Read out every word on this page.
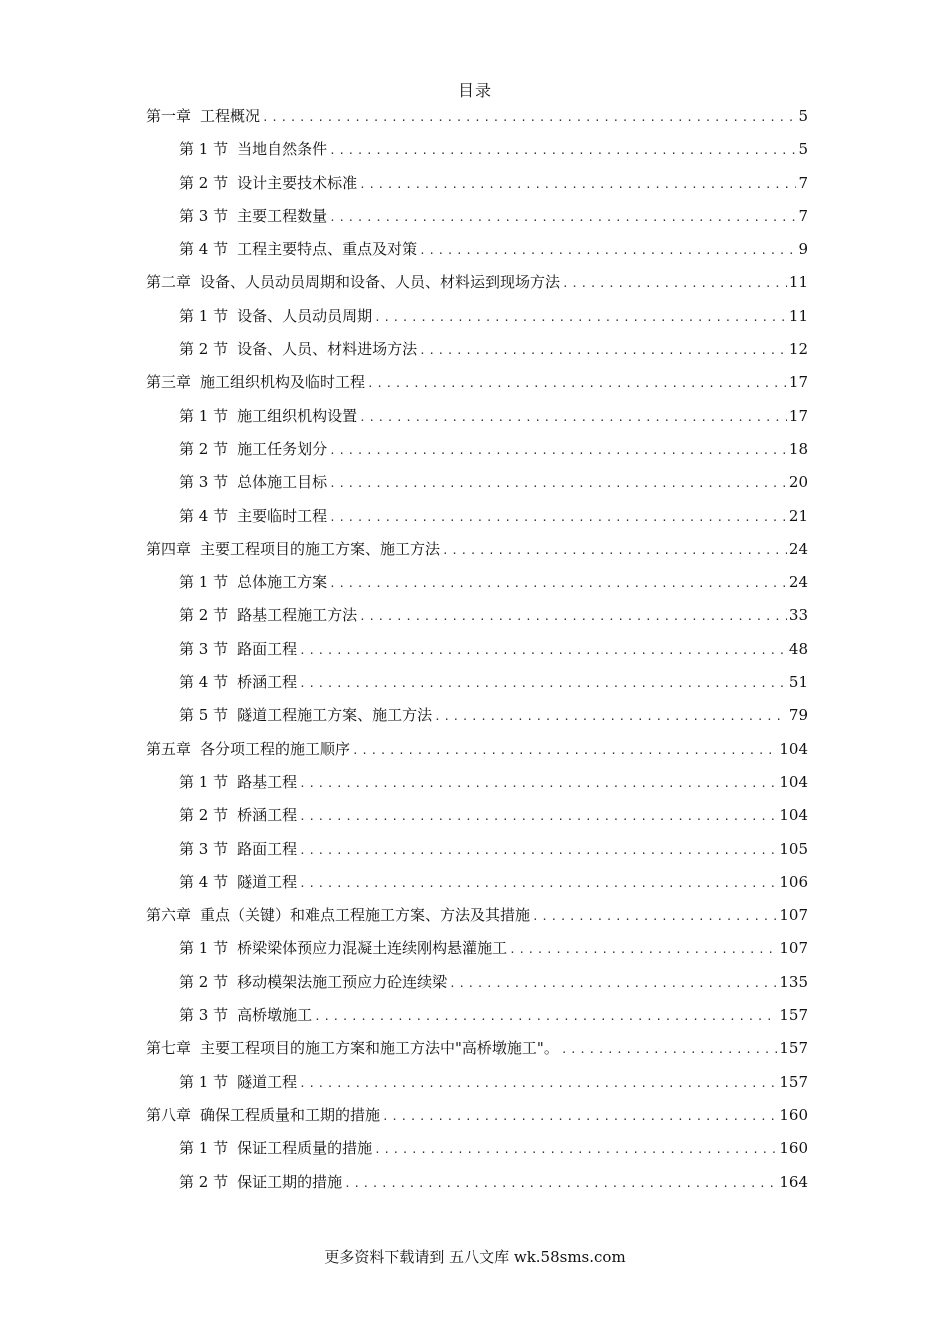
目录
第一章 工程概况 .....	5
第 1 节 当地自然条件 .....	5
第 2 节 设计主要技术标准 .....	7
第 3 节 主要工程数量 .....	7
第 4 节 工程主要特点、重点及对策 .....	9
第二章 设备、人员动员周期和设备、人员、材料运到现场方法 .....	11
第 1 节 设备、人员动员周期 .....	11
第 2 节 设备、人员、材料进场方法 .....	12
第三章 施工组织机构及临时工程 .....	17
第 1 节 施工组织机构设置 .....	17
第 2 节 施工任务划分 .....	18
第 3 节 总体施工目标 .....	20
第 4 节 主要临时工程 .....	21
第四章 主要工程项目的施工方案、施工方法 .....	24
第 1 节 总体施工方案 .....	24
第 2 节 路基工程施工方法 .....	33
第 3 节 路面工程 .....	48
第 4 节 桥涵工程 .....	51
第 5 节 隧道工程施工方案、施工方法 .....	79
第五章 各分项工程的施工顺序 .....	104
第 1 节 路基工程 .....	104
第 2 节 桥涵工程 .....	104
第 3 节 路面工程 .....	105
第 4 节 隧道工程 .....	106
第六章 重点（关键）和难点工程施工方案、方法及其措施 .....	107
第 1 节 桥梁梁体预应力混凝土连续刚构悬灌施工 .....	107
第 2 节 移动模架法施工预应力砼连续梁 .....	135
第 3 节 高桥墩施工 .....	157
第七章 主要工程项目的施工方案和施工方法中"高桥墩施工"。 .....	157
第 1 节 隧道工程 .....	157
第八章 确保工程质量和工期的措施 .....	160
第 1 节 保证工程质量的措施 .....	160
第 2 节 保证工期的措施 .....	164
更多资料下载请到 五八文库 wk.58sms.com
